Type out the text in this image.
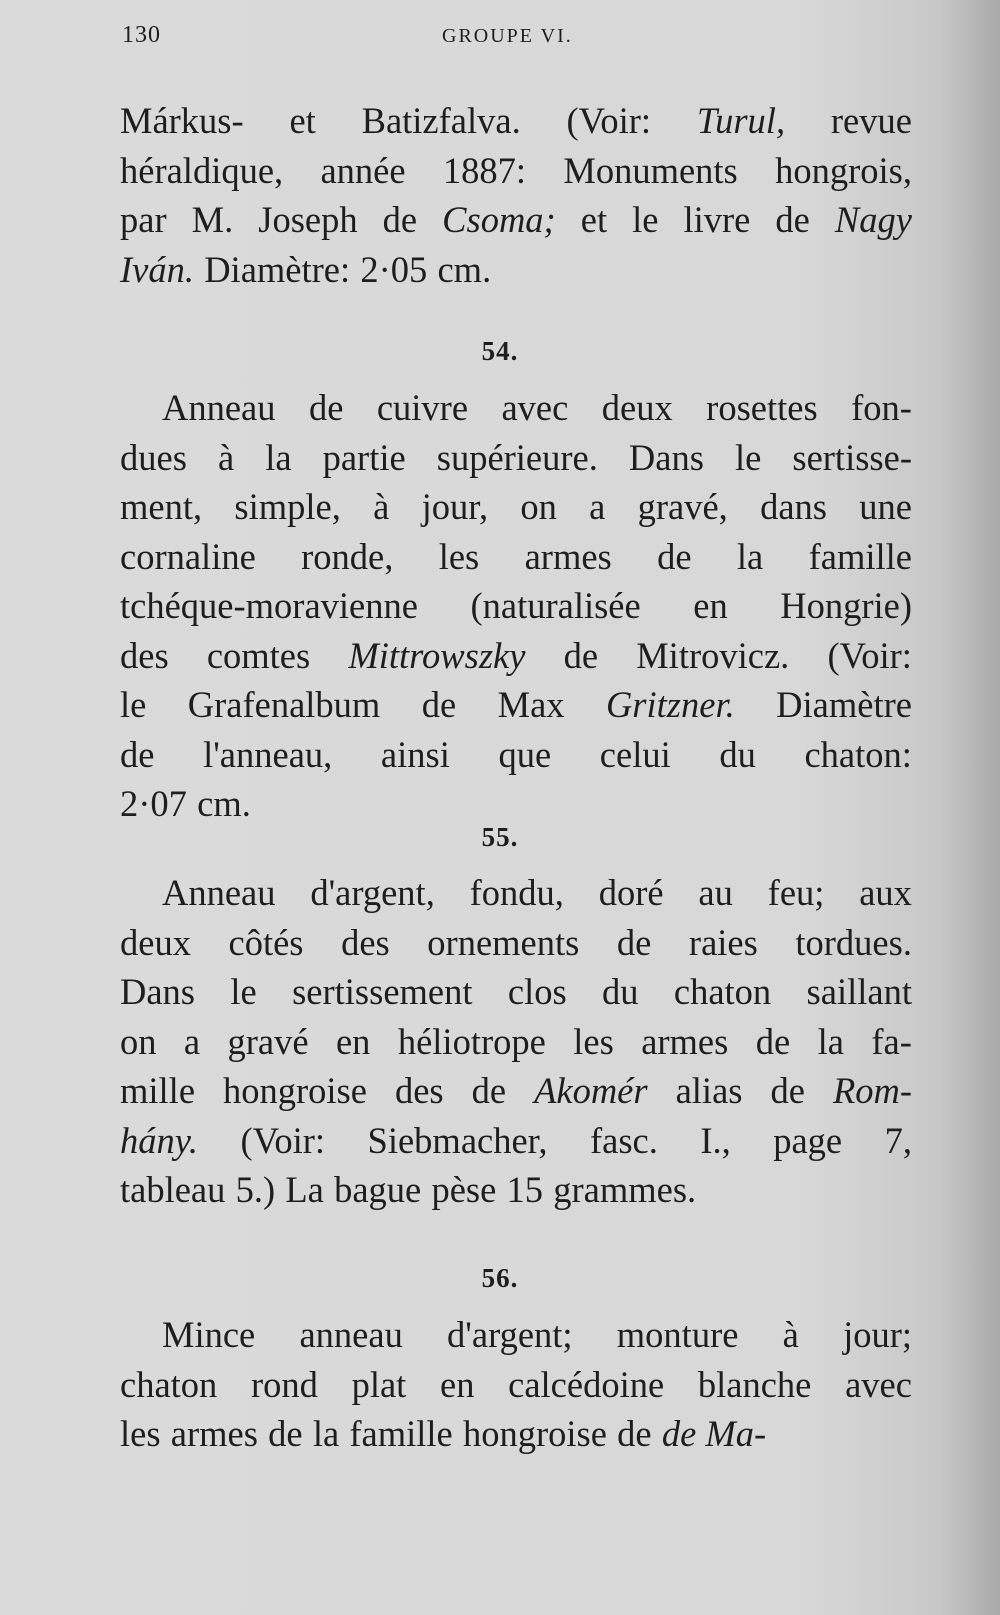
130	GROUPE VI.
Márkus- et Batizfalva. (Voir: Turul, revue
héraldique, année 1887: Monuments hongrois,
par M. Joseph de Csoma; et le livre de Nagy
Iván. Diamètre: 2·05 cm.
54.
Anneau de cuivre avec deux rosettes fon-
dues à la partie supérieure. Dans le sertisse-
ment, simple, à jour, on a gravé, dans une
cornaline ronde, les armes de la famille
tchéque-moravienne (naturalisée en Hongrie)
des comtes Mittrowszky de Mitrovicz. (Voir:
le Grafenalbum de Max Gritzner. Diamètre
de l'anneau, ainsi que celui du chaton:
2·07 cm.
55.
Anneau d'argent, fondu, doré au feu; aux
deux côtés des ornements de raies tordues.
Dans le sertissement clos du chaton saillant
on a gravé en héliotrope les armes de la fa-
mille hongroise des de Akomér alias de Rom-
hány. (Voir: Siebmacher, fasc. I., page 7,
tableau 5.) La bague pèse 15 grammes.
56.
Mince anneau d'argent; monture à jour;
chaton rond plat en calcédoine blanche avec
les armes de la famille hongroise de de Ma-
